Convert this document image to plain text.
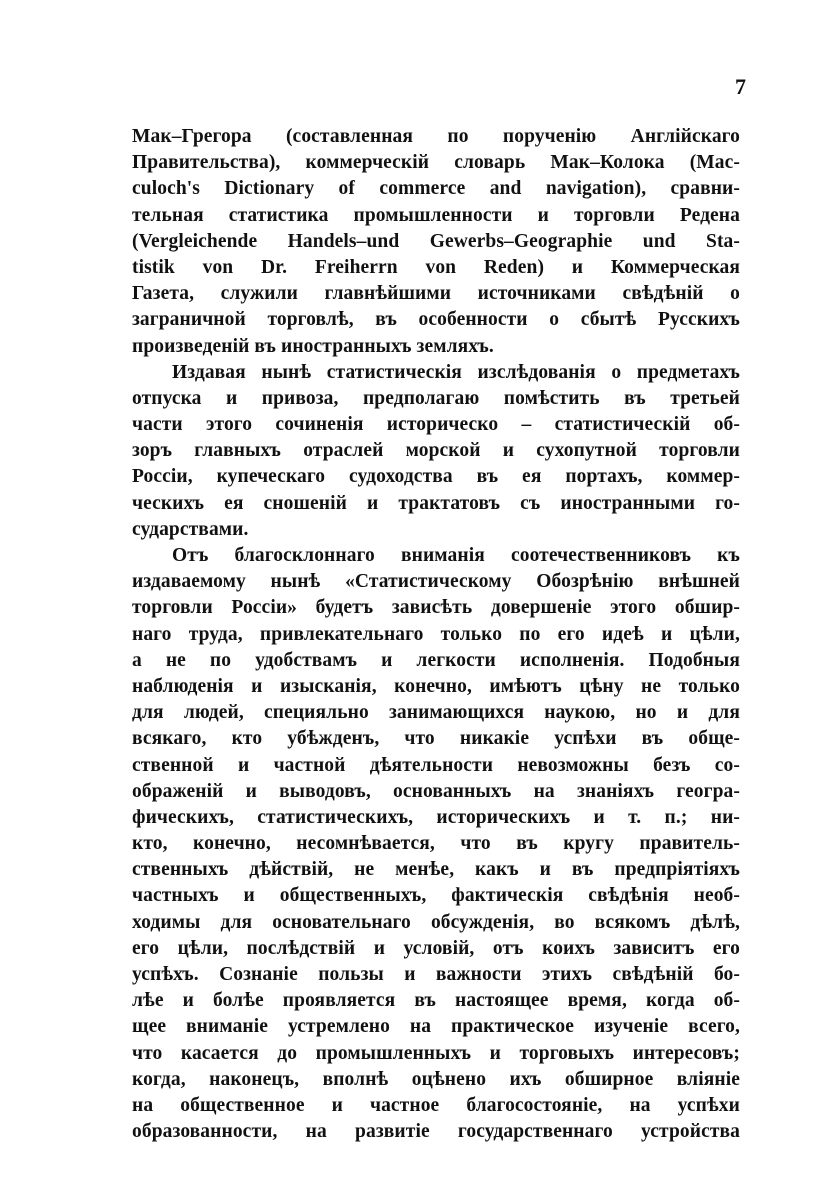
7
Мак–Грегора (составленная по порученію Англійскаго
Правительства), коммерческій словарь Мак–Колока (Mac-
culoch's Dictionary of commerce and navigation), сравни-
тельная статистика промышленности и торговли Редена
(Vergleichende Handels–und Gewerbs–Geographie und Sta-
tistik von Dr. Freiherrn von Reden) и Коммерческая
Газета, служили главнѣйшими источниками свѣдѣній о
заграничной торговлѣ, въ особенности о сбытѣ Русскихъ
произведеній въ иностранныхъ земляхъ.
Издавая нынѣ статистическія изслѣдованія о предметахъ
отпуска и привоза, предполагаю помѣстить въ третьей
части этого сочиненія историческо – статистическій об-
зоръ главныхъ отраслей морской и сухопутной торговли
Россіи, купеческаго судоходства въ ея портахъ, коммер-
ческихъ ея сношеній и трактатовъ съ иностранными го-
сударствами.
Отъ благосклоннаго вниманія соотечественниковъ къ
издаваемому нынѣ «Статистическому Обозрѣнію внѣшней
торговли Россіи» будетъ зависѣть довершеніе этого обшир-
наго труда, привлекательнаго только по его идеѣ и цѣли,
а не по удобствамъ и легкости исполненія. Подобныя
наблюденія и изысканія, конечно, имѣютъ цѣну не только
для людей, специяльно занимающихся наукою, но и для
всякаго, кто убѣжденъ, что никакіе успѣхи въ обще-
ственной и частной дѣятельности невозможны безъ со-
ображеній и выводовъ, основанныхъ на знаніяхъ геогра-
фическихъ, статистическихъ, историческихъ и т. п.; ни-
кто, конечно, несомнѣвается, что въ кругу правитель-
ственныхъ дѣйствій, не менѣе, какъ и въ предпріятіяхъ
частныхъ и общественныхъ, фактическія свѣдѣнія необ-
ходимы для основательнаго обсужденія, во всякомъ дѣлѣ,
его цѣли, послѣдствій и условій, отъ коихъ зависитъ его
успѣхъ. Сознаніе пользы и важности этихъ свѣдѣній бо-
лѣе и болѣе проявляется въ настоящее время, когда об-
щее вниманіе устремлено на практическое изученіе всего,
что касается до промышленныхъ и торговыхъ интересовъ;
когда, наконецъ, вполнѣ оцѣнено ихъ обширное вліяніе
на общественное и частное благосостояніе, на успѣхи
образованности, на развитіе государственнаго устройства
